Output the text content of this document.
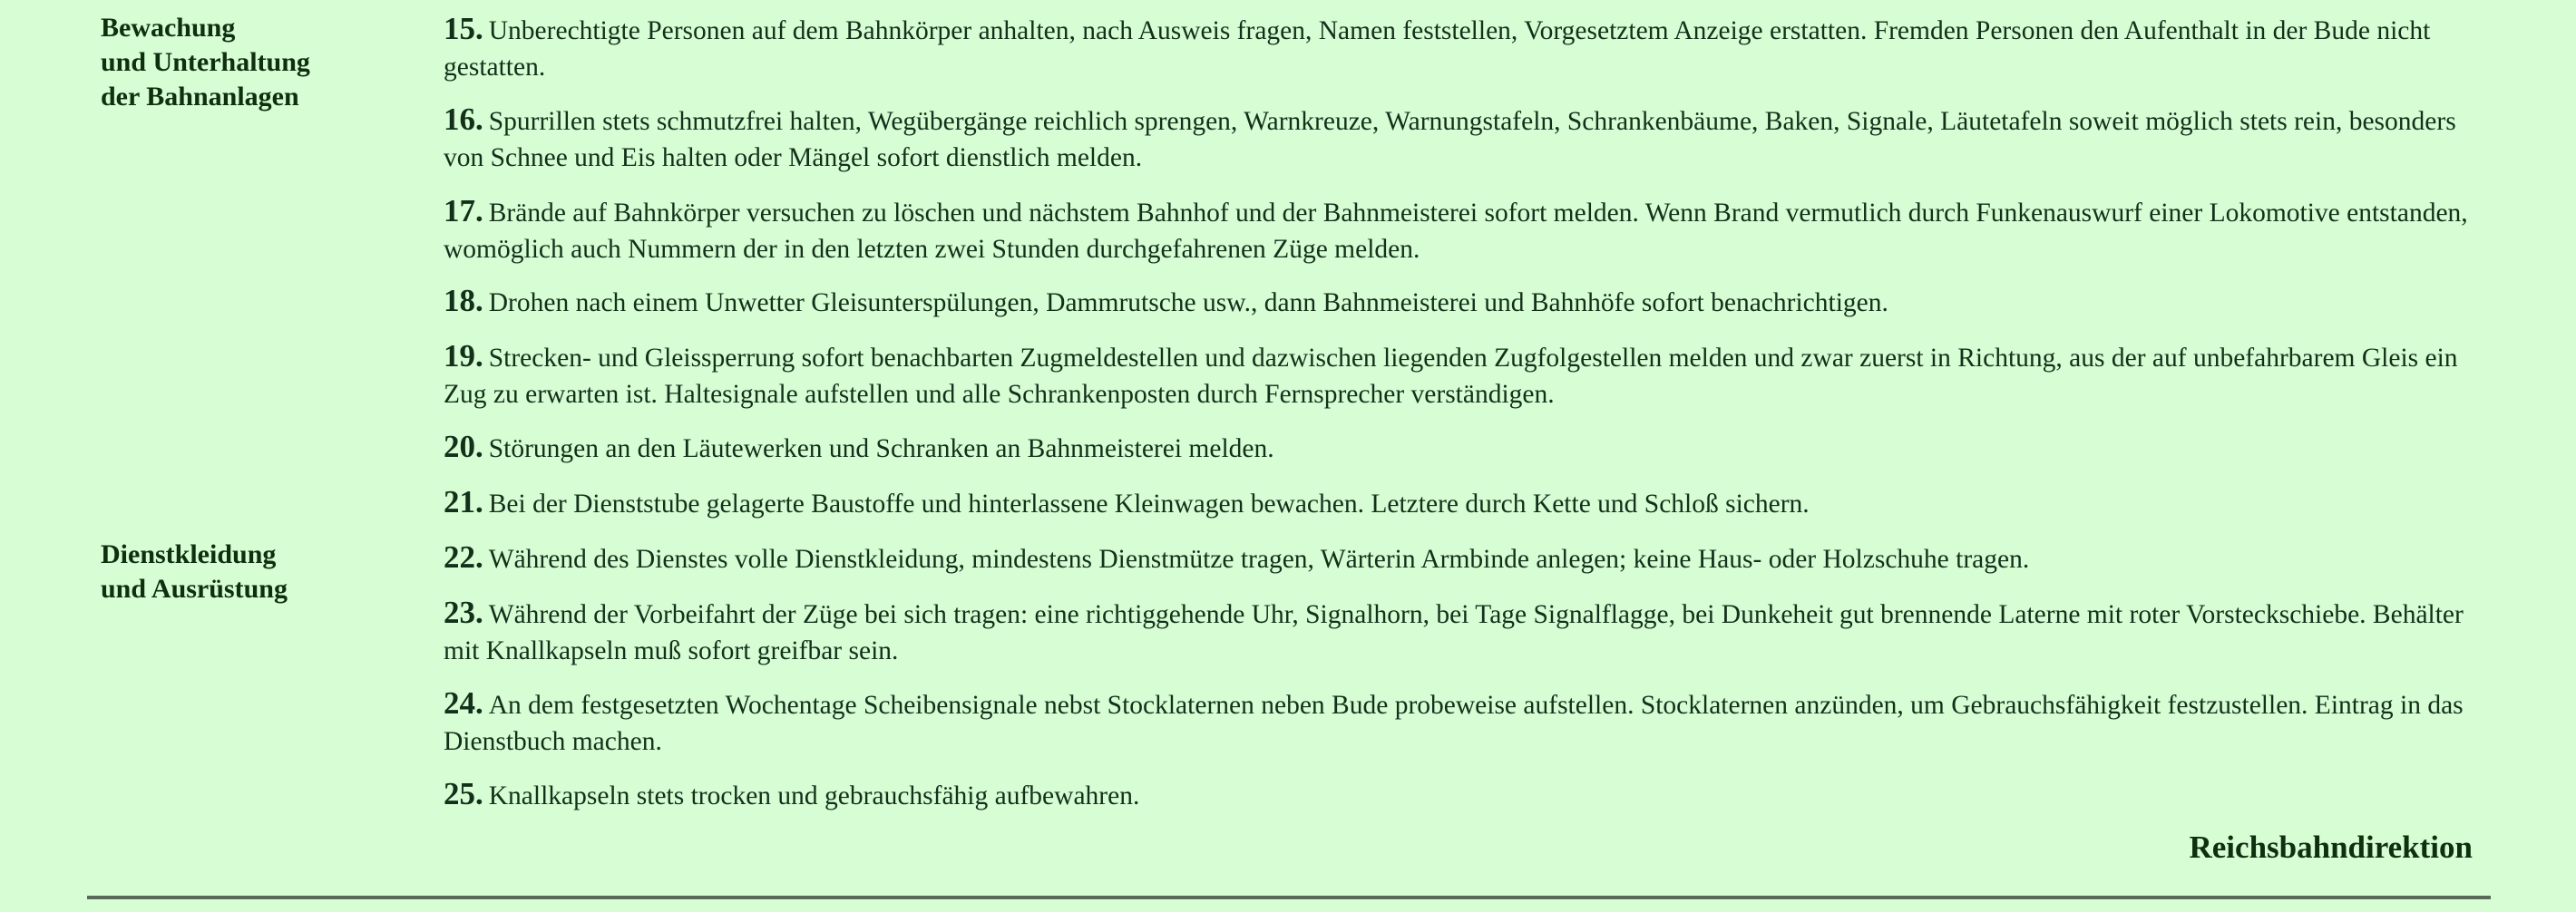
Bewachung
und Unterhaltung
der Bahnanlagen
Dienstkleidung
und Ausrüstung
15. Unberechtigte Personen auf dem Bahnkörper anhalten, nach Ausweis fragen, Namen feststellen, Vorgesetztem Anzeige erstatten. Fremden Personen den Aufenthalt in der Bude nicht gestatten.
16. Spurrillen stets schmutzfrei halten, Wegübergänge reichlich sprengen, Warnkreuze, Warnungstafeln, Schrankenbäume, Baken, Signale, Läutetafeln soweit möglich stets rein, besonders von Schnee und Eis halten oder Mängel sofort dienstlich melden.
17. Brände auf Bahnkörper versuchen zu löschen und nächstem Bahnhof und der Bahnmeisterei sofort melden. Wenn Brand vermutlich durch Funkenauswurf einer Lokomotive entstanden, womöglich auch Nummern der in den letzten zwei Stunden durchgefahrenen Züge melden.
18. Drohen nach einem Unwetter Gleisunterspülungen, Dammrutsche usw., dann Bahnmeisterei und Bahnhöfe sofort benachrichtigen.
19. Strecken- und Gleissperrung sofort benachbarten Zugmeldestellen und dazwischen liegenden Zugfolgestellen melden und zwar zuerst in Richtung, aus der auf unbefahrbarem Gleis ein Zug zu erwarten ist. Haltesignale aufstellen und alle Schrankenposten durch Fernsprecher verständigen.
20. Störungen an den Läutewerken und Schranken an Bahnmeisterei melden.
21. Bei der Dienststube gelagerte Baustoffe und hinterlassene Kleinwagen bewachen. Letztere durch Kette und Schloß sichern.
22. Während des Dienstes volle Dienstkleidung, mindestens Dienstmütze tragen, Wärterin Armbinde anlegen; keine Haus- oder Holzschuhe tragen.
23. Während der Vorbeifahrt der Züge bei sich tragen: eine richtiggehende Uhr, Signalhorn, bei Tage Signalflagge, bei Dunkeheit gut brennende Laterne mit roter Vorsteckschiebe. Behälter mit Knallkapseln muß sofort greifbar sein.
24. An dem festgesetzten Wochentage Scheibensignale nebst Stocklaternen neben Bude probeweise aufstellen. Stocklaternen anzünden, um Gebrauchsfähigkeit festzustellen. Eintrag in das Dienstbuch machen.
25. Knallkapseln stets trocken und gebrauchsfähig aufbewahren.
Reichsbahndirektion
